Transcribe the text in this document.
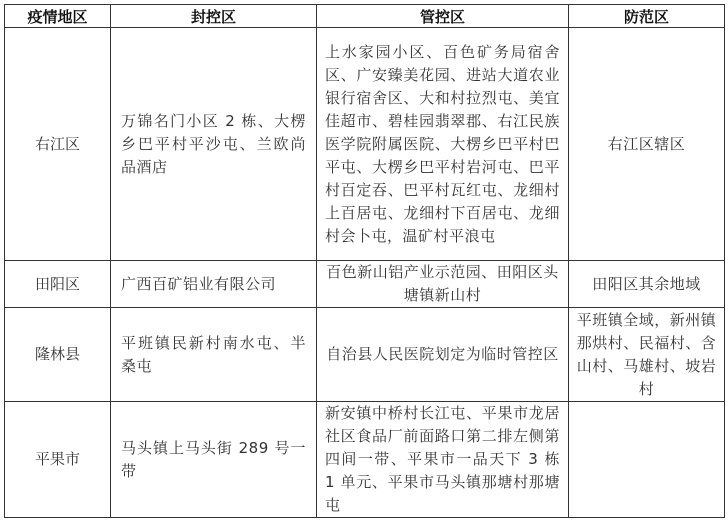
疫情地区	封控区	管控区	防范区
右江区	万锦名门小区 2 栋、大楞乡巴平村平沙屯、兰欧尚品酒店	上水家园小区、百色矿务局宿舍区、广安臻美花园、进站大道农业银行宿舍区、大和村拉烈屯、美宜佳超市、碧桂园翡翠郡、右江民族医学院附属医院、大楞乡巴平村巴平屯、大楞乡巴平村岩河屯、巴平村百定吞、巴平村瓦红屯、龙细村上百居屯、龙细村下百居屯、龙细村会卜屯，温矿村平浪屯	右江区辖区
田阳区	广西百矿铝业有限公司	百色新山铝产业示范园、田阳区头塘镇新山村	田阳区其余地域
隆林县	平班镇民新村南水屯、半桑屯	自治县人民医院划定为临时管控区	平班镇全域，新州镇那烘村、民福村、含山村、马雄村、坡岩村
平果市	马头镇上马头街 289 号一带	新安镇中桥村长江屯、平果市龙居社区食品厂前面路口第二排左侧第四间一带、平果市一品天下 3 栋 1 单元、平果市马头镇那塘村那塘屯	
